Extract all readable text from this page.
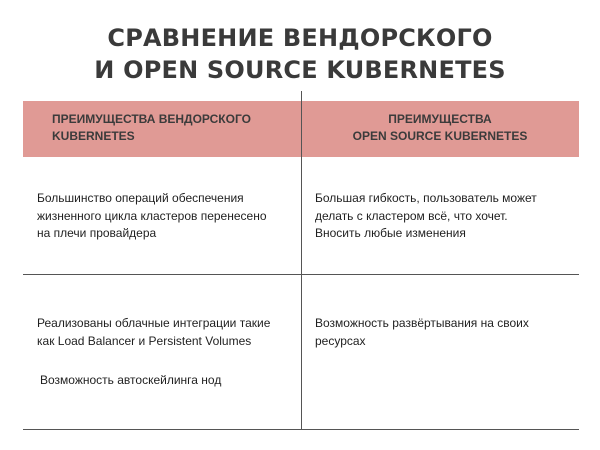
СРАВНЕНИЕ ВЕНДОРСКОГО
И OPEN SOURCE KUBERNETES
ПРЕИМУЩЕСТВА ВЕНДОРСКОГО
KUBERNETES
ПРЕИМУЩЕСТВА
OPEN SOURCE KUBERNETES
Большинство операций обеспечения
жизненного цикла кластеров перенесено
на плечи провайдера
Большая гибкость, пользователь может
делать с кластером всё, что хочет.
Вносить любые изменения
Реализованы облачные интеграции такие
как Load Balancer и Persistent Volumes
Возможность автоскейлинга нод
Возможность развёртывания на своих
ресурсах
